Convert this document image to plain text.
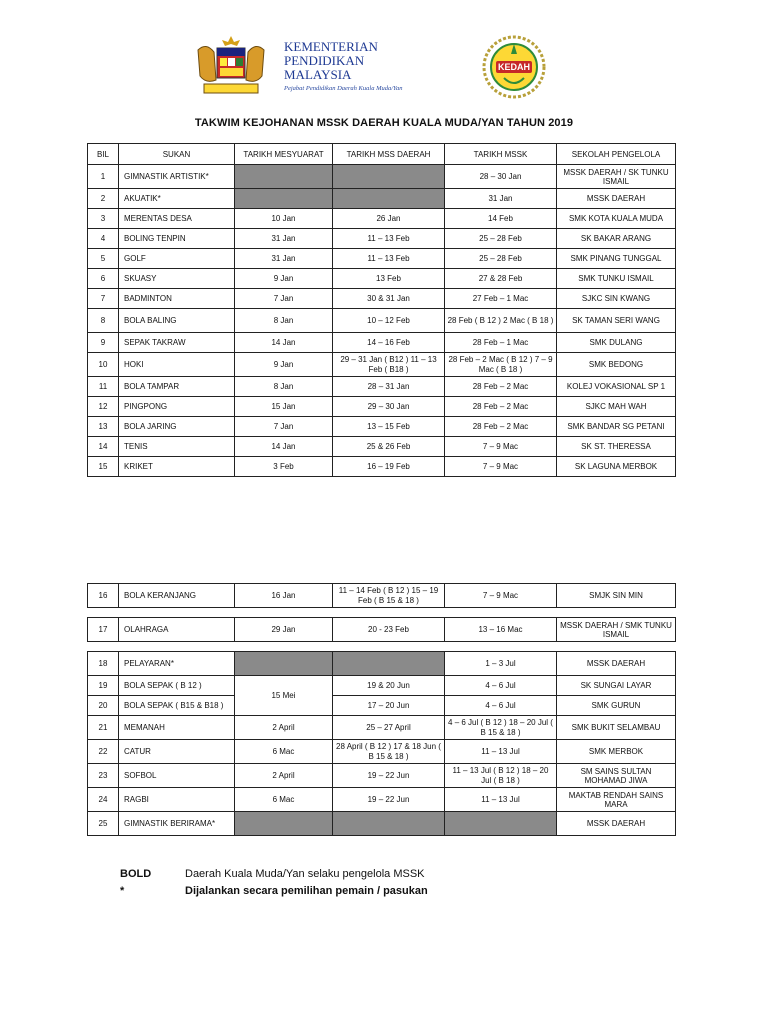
KEMENTERIAN
PENDIDIKAN
MALAYSIA
Pejabat Pendidikan Daerah Kuala Muda/Yan
KEDAH
TAKWIM KEJOHANAN MSSK DAERAH KUALA MUDA/YAN TAHUN 2019
BIL	SUKAN	TARIKH MESYUARAT	TARIKH MSS DAERAH	TARIKH MSSK	SEKOLAH PENGELOLA
1	GIMNASTIK ARTISTIK*			28 – 30 Jan	MSSK DAERAH / SK TUNKU ISMAIL
2	AKUATIK*			31 Jan	MSSK DAERAH
3	MERENTAS DESA	10 Jan	26 Jan	14 Feb	SMK KOTA KUALA MUDA
4	BOLING TENPIN	31 Jan	11 – 13 Feb	25 – 28 Feb	SK BAKAR ARANG
5	GOLF	31 Jan	11 – 13 Feb	25 – 28 Feb	SMK PINANG TUNGGAL
6	SKUASY	9 Jan	13 Feb	27 & 28 Feb	SMK TUNKU ISMAIL
7	BADMINTON	7 Jan	30 & 31 Jan	27 Feb – 1 Mac	SJKC SIN KWANG
8	BOLA BALING	8 Jan	10 – 12 Feb	28 Feb ( B 12 ) 2 Mac ( B 18 )	SK TAMAN SERI WANG
9	SEPAK TAKRAW	14 Jan	14 – 16 Feb	28 Feb – 1 Mac	SMK DULANG
10	HOKI	9 Jan	29 – 31 Jan ( B12 ) 11 – 13 Feb ( B18 )	28 Feb – 2 Mac ( B 12 ) 7 – 9 Mac ( B 18 )	SMK BEDONG
11	BOLA TAMPAR	8 Jan	28 – 31 Jan	28 Feb – 2 Mac	KOLEJ VOKASIONAL SP 1
12	PINGPONG	15 Jan	29 – 30 Jan	28 Feb – 2 Mac	SJKC MAH WAH
13	BOLA JARING	7 Jan	13 – 15 Feb	28 Feb – 2 Mac	SMK BANDAR SG PETANI
14	TENIS	14 Jan	25 & 26 Feb	7 – 9 Mac	SK ST. THERESSA
15	KRIKET	3 Feb	16 – 19 Feb	7 – 9 Mac	SK LAGUNA MERBOK
16	BOLA KERANJANG	16 Jan	11 – 14 Feb ( B 12 ) 15 – 19 Feb ( B 15 & 18 )	7 – 9 Mac	SMJK SIN MIN
17	OLAHRAGA	29 Jan	20 - 23 Feb	13 – 16 Mac	MSSK DAERAH / SMK TUNKU ISMAIL
18	PELAYARAN*			1 – 3 Jul	MSSK DAERAH
19	BOLA SEPAK ( B 12 )	15 Mei	19 & 20 Jun	4 – 6 Jul	SK SUNGAI LAYAR
20	BOLA SEPAK ( B15 & B18 )		17 – 20 Jun	4 – 6 Jul	SMK GURUN
21	MEMANAH	2 April	25 – 27 April	4 – 6 Jul ( B 12 ) 18 – 20 Jul ( B 15 & 18 )	SMK BUKIT SELAMBAU
22	CATUR	6 Mac	28 April ( B 12 ) 17 & 18 Jun ( B 15 & 18 )	11 – 13 Jul	SMK MERBOK
23	SOFBOL	2 April	19 – 22 Jun	11 – 13 Jul ( B 12 ) 18 – 20 Jul ( B 18 )	SM SAINS SULTAN MOHAMAD JIWA
24	RAGBI	6 Mac	19 – 22 Jun	11 – 13 Jul	MAKTAB RENDAH SAINS MARA
25	GIMNASTIK BERIRAMA*				MSSK DAERAH
BOLD	Daerah Kuala Muda/Yan selaku pengelola MSSK
*	Dijalankan secara pemilihan pemain / pasukan
